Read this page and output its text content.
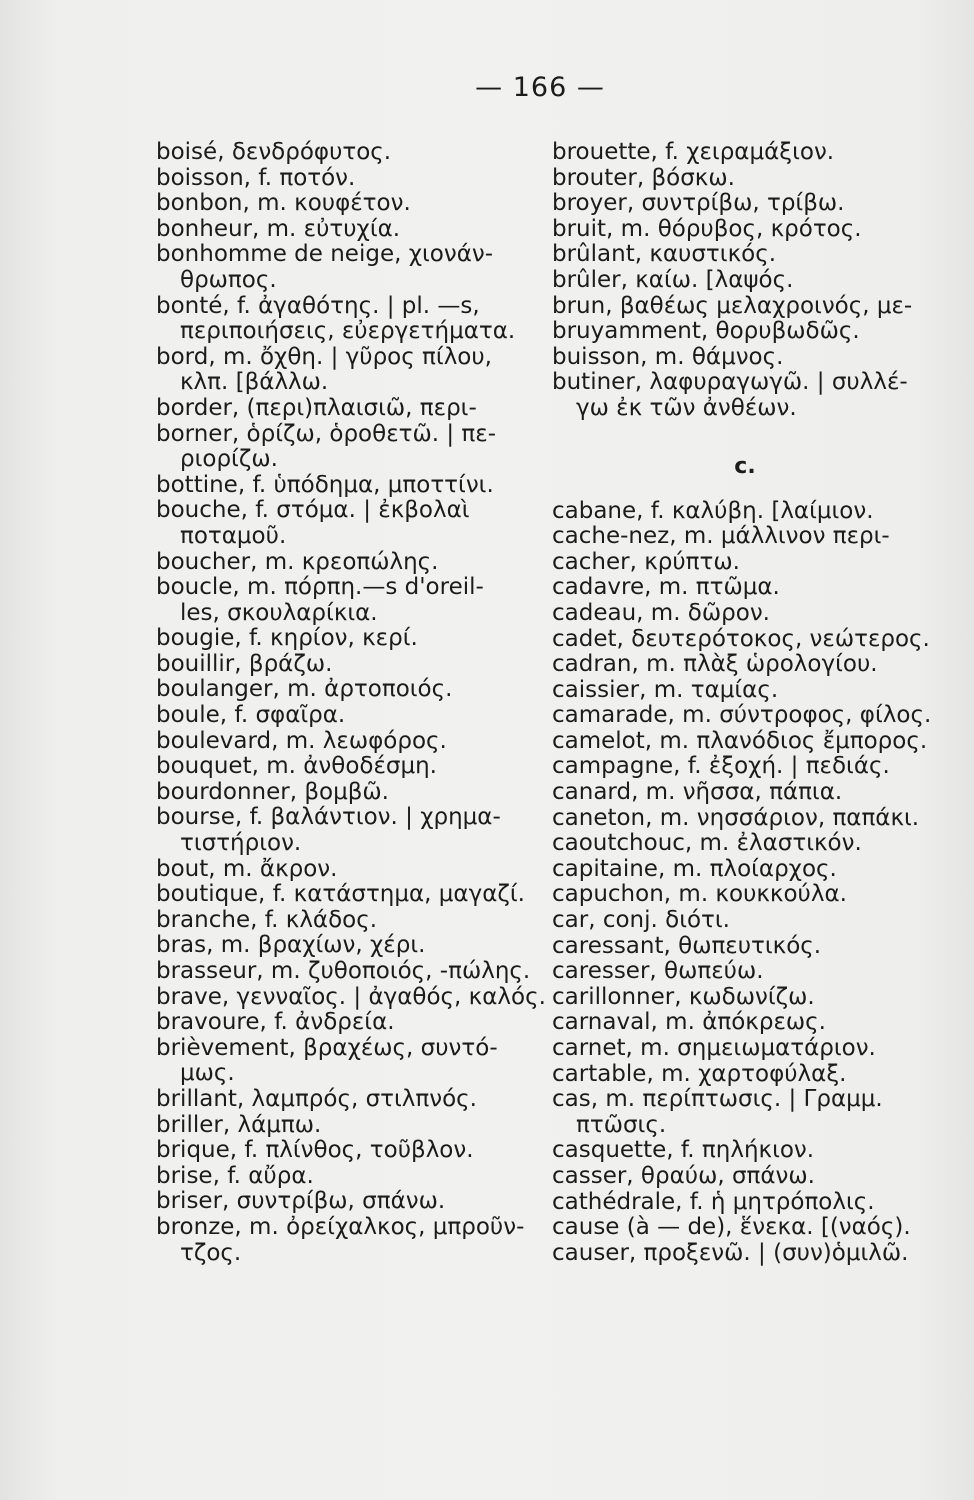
— 166 —
boisé, δενδρόφυτος.
boisson, f. ποτόν.
bonbon, m. κουφέτον.
bonheur, m. εὐτυχία.
bonhomme de neige, χιονάν-
θρωπος.
bonté, f. ἀγαθότης. | pl. —s,
περιποιήσεις, εὐεργετήματα.
bord, m. ὄχθη. | γῦρος πίλου,
κλπ. [βάλλω.
border, (περι)πλαισιῶ, περι-
borner, ὁρίζω, ὁροθετῶ. | πε-
ριορίζω.
bottine, f. ὑπόδημα, μποττίνι.
bouche, f. στόμα. | ἐκβολαὶ
ποταμοῦ.
boucher, m. κρεοπώλης.
boucle, m. πόρπη.—s d'oreil-
les, σκουλαρίκια.
bougie, f. κηρίον, κερί.
bouillir, βράζω.
boulanger, m. ἀρτοποιός.
boule, f. σφαῖρα.
boulevard, m. λεωφόρος.
bouquet, m. ἀνθοδέσμη.
bourdonner, βομβῶ.
bourse, f. βαλάντιον. | χρημα-
τιστήριον.
bout, m. ἄκρον.
boutique, f. κατάστημα, μαγαζί.
branche, f. κλάδος.
bras, m. βραχίων, χέρι.
brasseur, m. ζυθοποιός, -πώλης.
brave, γενναῖος. | ἀγαθός, καλός.
bravoure, f. ἀνδρεία.
brièvement, βραχέως, συντό-
μως.
brillant, λαμπρός, στιλπνός.
briller, λάμπω.
brique, f. πλίνθος, τοῦβλον.
brise, f. αὔρα.
briser, συντρίβω, σπάνω.
bronze, m. ὀρείχαλκος, μπροῦν-
τζος.
brouette, f. χειραμάξιον.
brouter, βόσκω.
broyer, συντρίβω, τρίβω.
bruit, m. θόρυβος, κρότος.
brûlant, καυστικός.
brûler, καίω. [λαψός.
brun, βαθέως μελαχροινός, με-
bruyamment, θορυβωδῶς.
buisson, m. θάμνος.
butiner, λαφυραγωγῶ. | συλλέ-
γω ἐκ τῶν ἀνθέων.
c.
cabane, f. καλύβη. [λαίμιον.
cache-nez, m. μάλλινον περι-
cacher, κρύπτω.
cadavre, m. πτῶμα.
cadeau, m. δῶρον.
cadet, δευτερότοκος, νεώτερος.
cadran, m. πλὰξ ὡρολογίου.
caissier, m. ταμίας.
camarade, m. σύντροφος, φίλος.
camelot, m. πλανόδιος ἔμπορος.
campagne, f. ἐξοχή. | πεδιάς.
canard, m. νῆσσα, πάπια.
caneton, m. νησσάριον, παπάκι.
caoutchouc, m. ἐλαστικόν.
capitaine, m. πλοίαρχος.
capuchon, m. κουκκούλα.
car, conj. διότι.
caressant, θωπευτικός.
caresser, θωπεύω.
carillonner, κωδωνίζω.
carnaval, m. ἀπόκρεως.
carnet, m. σημειωματάριον.
cartable, m. χαρτοφύλαξ.
cas, m. περίπτωσις. | Γραμμ.
πτῶσις.
casquette, f. πηλήκιον.
casser, θραύω, σπάνω.
cathédrale, f. ἡ μητρόπολις.
cause (à — de), ἕνεκα. [(ναός).
causer, προξενῶ. | (συν)ὁμιλῶ.
